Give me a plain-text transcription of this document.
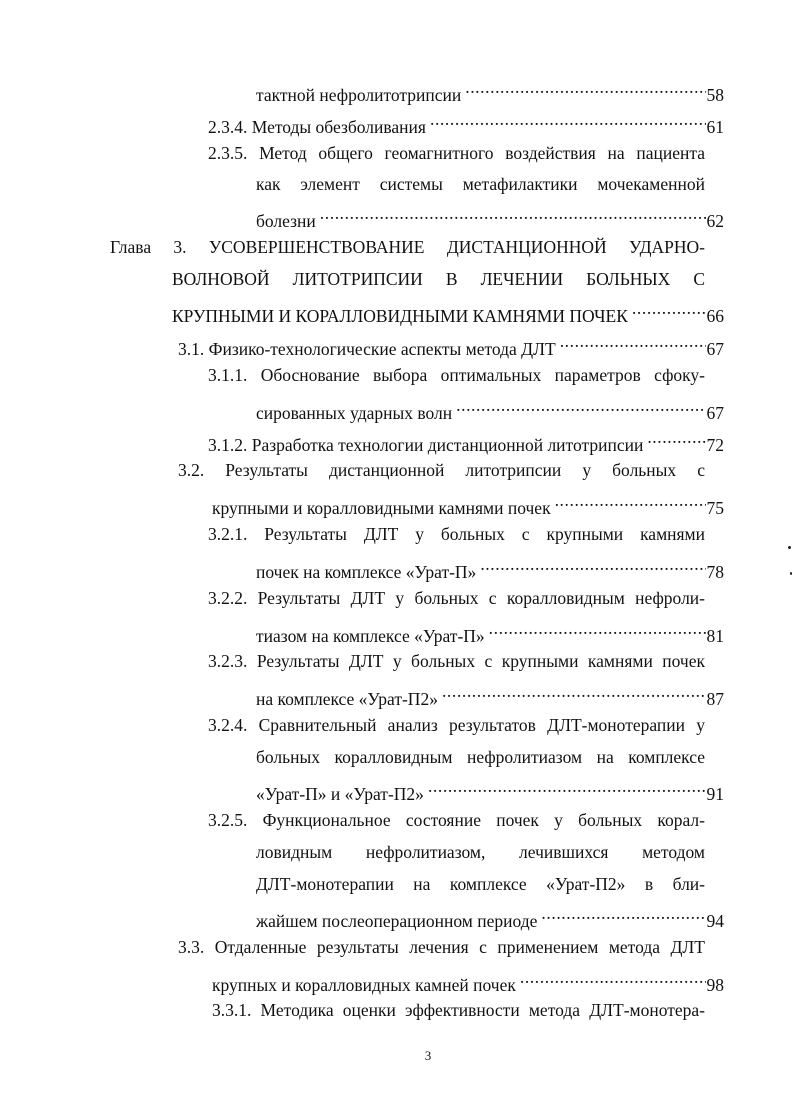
тактной нефролитотрипсии .....	58
2.3.4. Методы обезболивания .....	61
2.3.5. Метод общего геомагнитного воздействия на пациента
как элемент системы метафилактики мочекаменной
болезни .....	62
Глава 3. УСОВЕРШЕНСТВОВАНИЕ ДИСТАНЦИОННОЙ УДАРНО-
ВОЛНОВОЙ ЛИТОТРИПСИИ В ЛЕЧЕНИИ БОЛЬНЫХ С
КРУПНЫМИ И КОРАЛЛОВИДНЫМИ КАМНЯМИ ПОЧЕК .....	66
3.1. Физико-технологические аспекты метода ДЛТ .....	67
3.1.1. Обоснование выбора оптимальных параметров сфоку-
сированных ударных волн .....	67
3.1.2. Разработка технологии дистанционной литотрипсии .....	72
3.2. Результаты дистанционной литотрипсии у больных с
крупными и коралловидными камнями почек .....	75
3.2.1. Результаты ДЛТ у больных с крупными камнями
почек на комплексе «Урат-П» .....	78
3.2.2. Результаты ДЛТ у больных с коралловидным нефроли-
тиазом на комплексе «Урат-П» .....	81
3.2.3. Результаты ДЛТ у больных с крупными камнями почек
на комплексе «Урат-П2» .....	87
3.2.4. Сравнительный анализ результатов ДЛТ-монотерапии у
больных коралловидным нефролитиазом на комплексе
«Урат-П» и «Урат-П2» .....	91
3.2.5. Функциональное состояние почек у больных корал-
ловидным нефролитиазом, лечившихся методом
ДЛТ-монотерапии на комплексе «Урат-П2» в бли-
жайшем послеоперационном периоде .....	94
3.3. Отдаленные результаты лечения с применением метода ДЛТ
крупных и коралловидных камней почек .....	98
3.3.1. Методика оценки эффективности метода ДЛТ-монотера-
3
